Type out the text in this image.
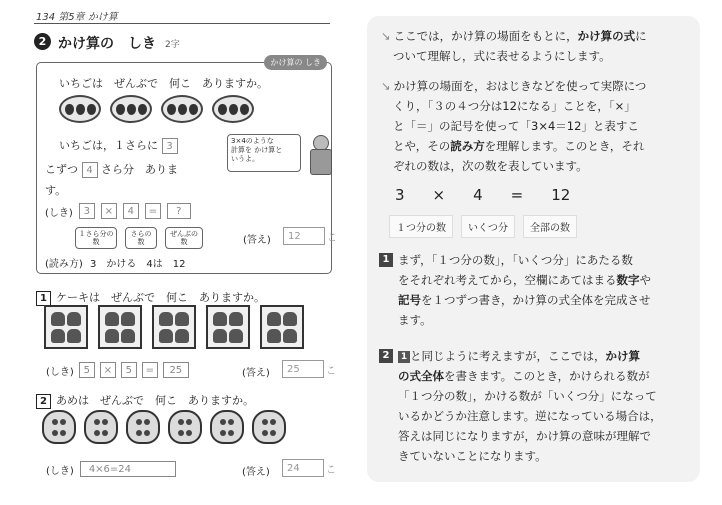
134 第5章 かけ算
2 かけ算の　しき 2字
かけ算の しき
いちごは　ぜんぶで　何こ　ありますか。
いちごは，１さらに 3
こずつ 4 さら分　ありま
す。
3×4のような
計算を かけ算と
いうよ。
(しき)	3	×	4	=	?
１さら分の
数
さらの
数
ぜんぶの
数	(答え)	12	こ
(読み方) 3　かける　4は　12
1 ケーキは　ぜんぶで　何こ　ありますか。
(しき) 5	×	5	=	25	(答え)	25	こ
2 あめは　ぜんぶで　何こ　ありますか。
(しき)	4×6=24	(答え)	24	こ
↘ ここでは，かけ算の場面をもとに，かけ算の式に
ついて理解し，式に表せるようにします。
↘ かけ算の場面を，おはじきなどを使って実際につ
くり，「３の４つ分は12になる」ことを，「×」
と「＝」の記号を使って「3×4＝12」と表すこ
とや，その読み方を理解します。このとき，それ
ぞれの数は，次の数を表しています。
3 × 4 = 12
１つ分の数	いくつ分	全部の数
1 まず，「１つ分の数」，「いくつ分」にあたる数
をそれぞれ考えてから，空欄にあてはまる数字や
記号を１つずつ書き，かけ算の式全体を完成させ
ます。
2 1 と同じように考えますが，ここでは，かけ算
の式全体を書きます。このとき，かけられる数が
「１つ分の数」，かける数が「いくつ分」になって
いるかどうか注意します。逆になっている場合は，
答えは同じになりますが，かけ算の意味が理解で
きていないことになります。
